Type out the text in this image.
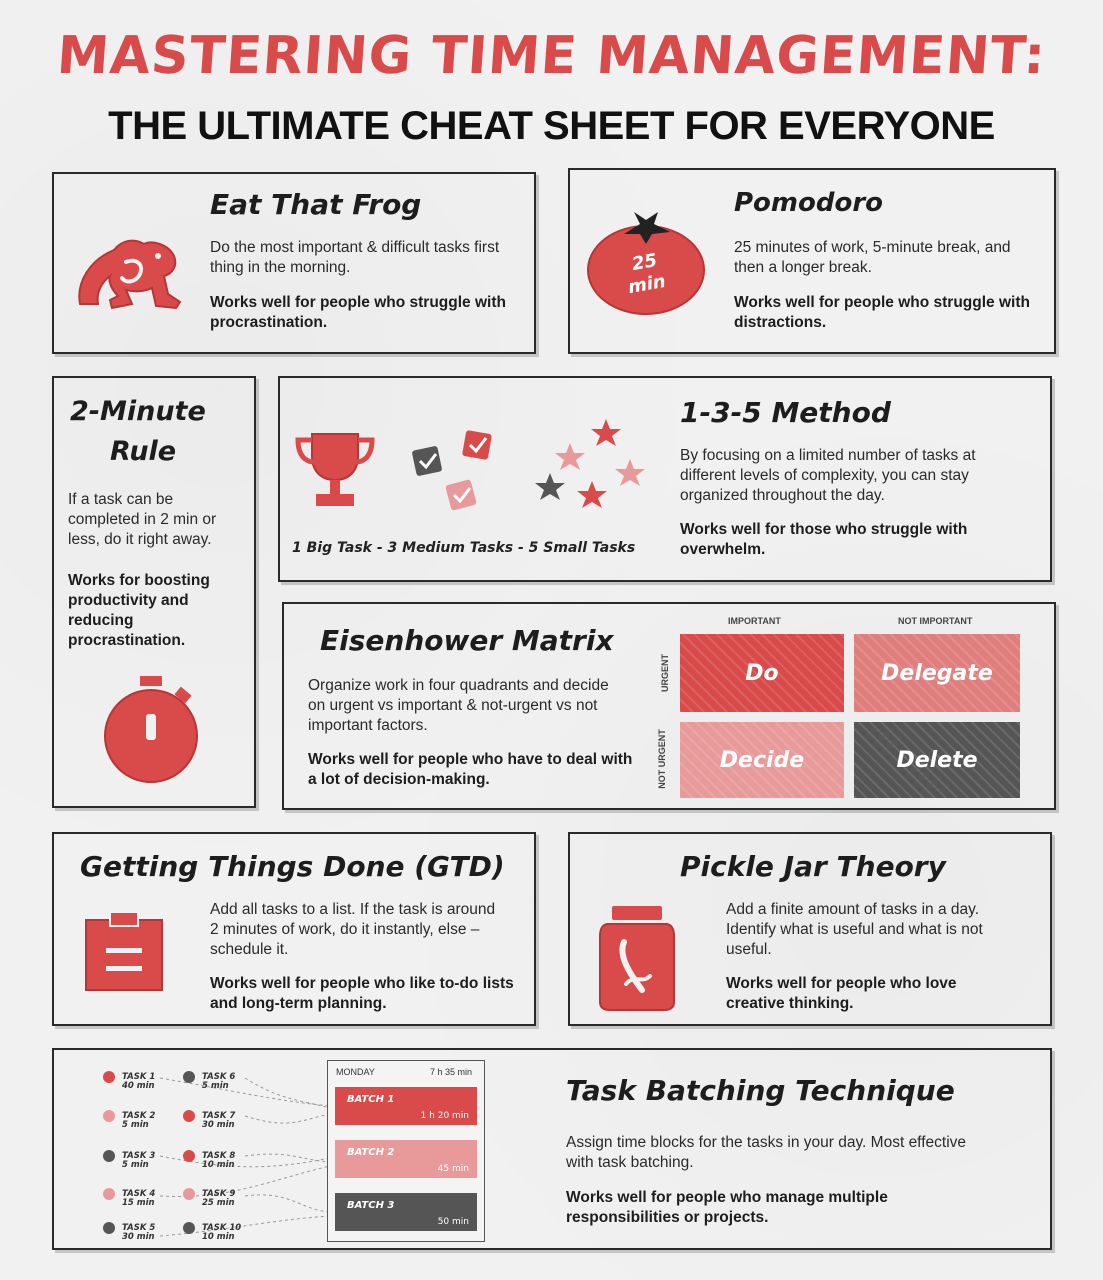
MASTERING TIME MANAGEMENT:
THE ULTIMATE CHEAT SHEET FOR EVERYONE
Eat That Frog
Do the most important & difficult tasks first thing in the morning.
Works well for people who struggle with procrastination.
25
min
Pomodoro
25 minutes of work, 5-minute break, and then a longer break.
Works well for people who struggle with distractions.
2-Minute
Rule
If a task can be completed in 2 min or less, do it right away.
Works for boosting productivity and reducing procrastination.
1 Big Task - 3 Medium Tasks - 5 Small Tasks
1-3-5 Method
By focusing on a limited number of tasks at different levels of complexity, you can stay organized throughout the day.
Works well for those who struggle with overwhelm.
Eisenhower Matrix
Organize work in four quadrants and decide on urgent vs important & not-urgent vs not important factors.
Works well for people who have to deal with a lot of decision-making.
IMPORTANT	NOT IMPORTANT
URGENT
NOT URGENT
Do	Delegate
Decide	Delete
Getting Things Done (GTD)
Add all tasks to a list. If the task is around 2 minutes of work, do it instantly, else – schedule it.
Works well for people who like to-do lists and long-term planning.
Pickle Jar Theory
Add a finite amount of tasks in a day. Identify what is useful and what is not useful.
Works well for people who love creative thinking.
TASK 1
40 min
TASK 2
5 min
TASK 3
5 min
TASK 4
15 min
TASK 5
30 min
TASK 6
5 min
TASK 7
30 min
TASK 8
10 min
TASK 9
25 min
TASK 10
10 min
MONDAY	7 h 35 min
BATCH 1
1 h 20 min
BATCH 2
45 min
BATCH 3
50 min
Task Batching Technique
Assign time blocks for the tasks in your day. Most effective with task batching.
Works well for people who manage multiple responsibilities or projects.
